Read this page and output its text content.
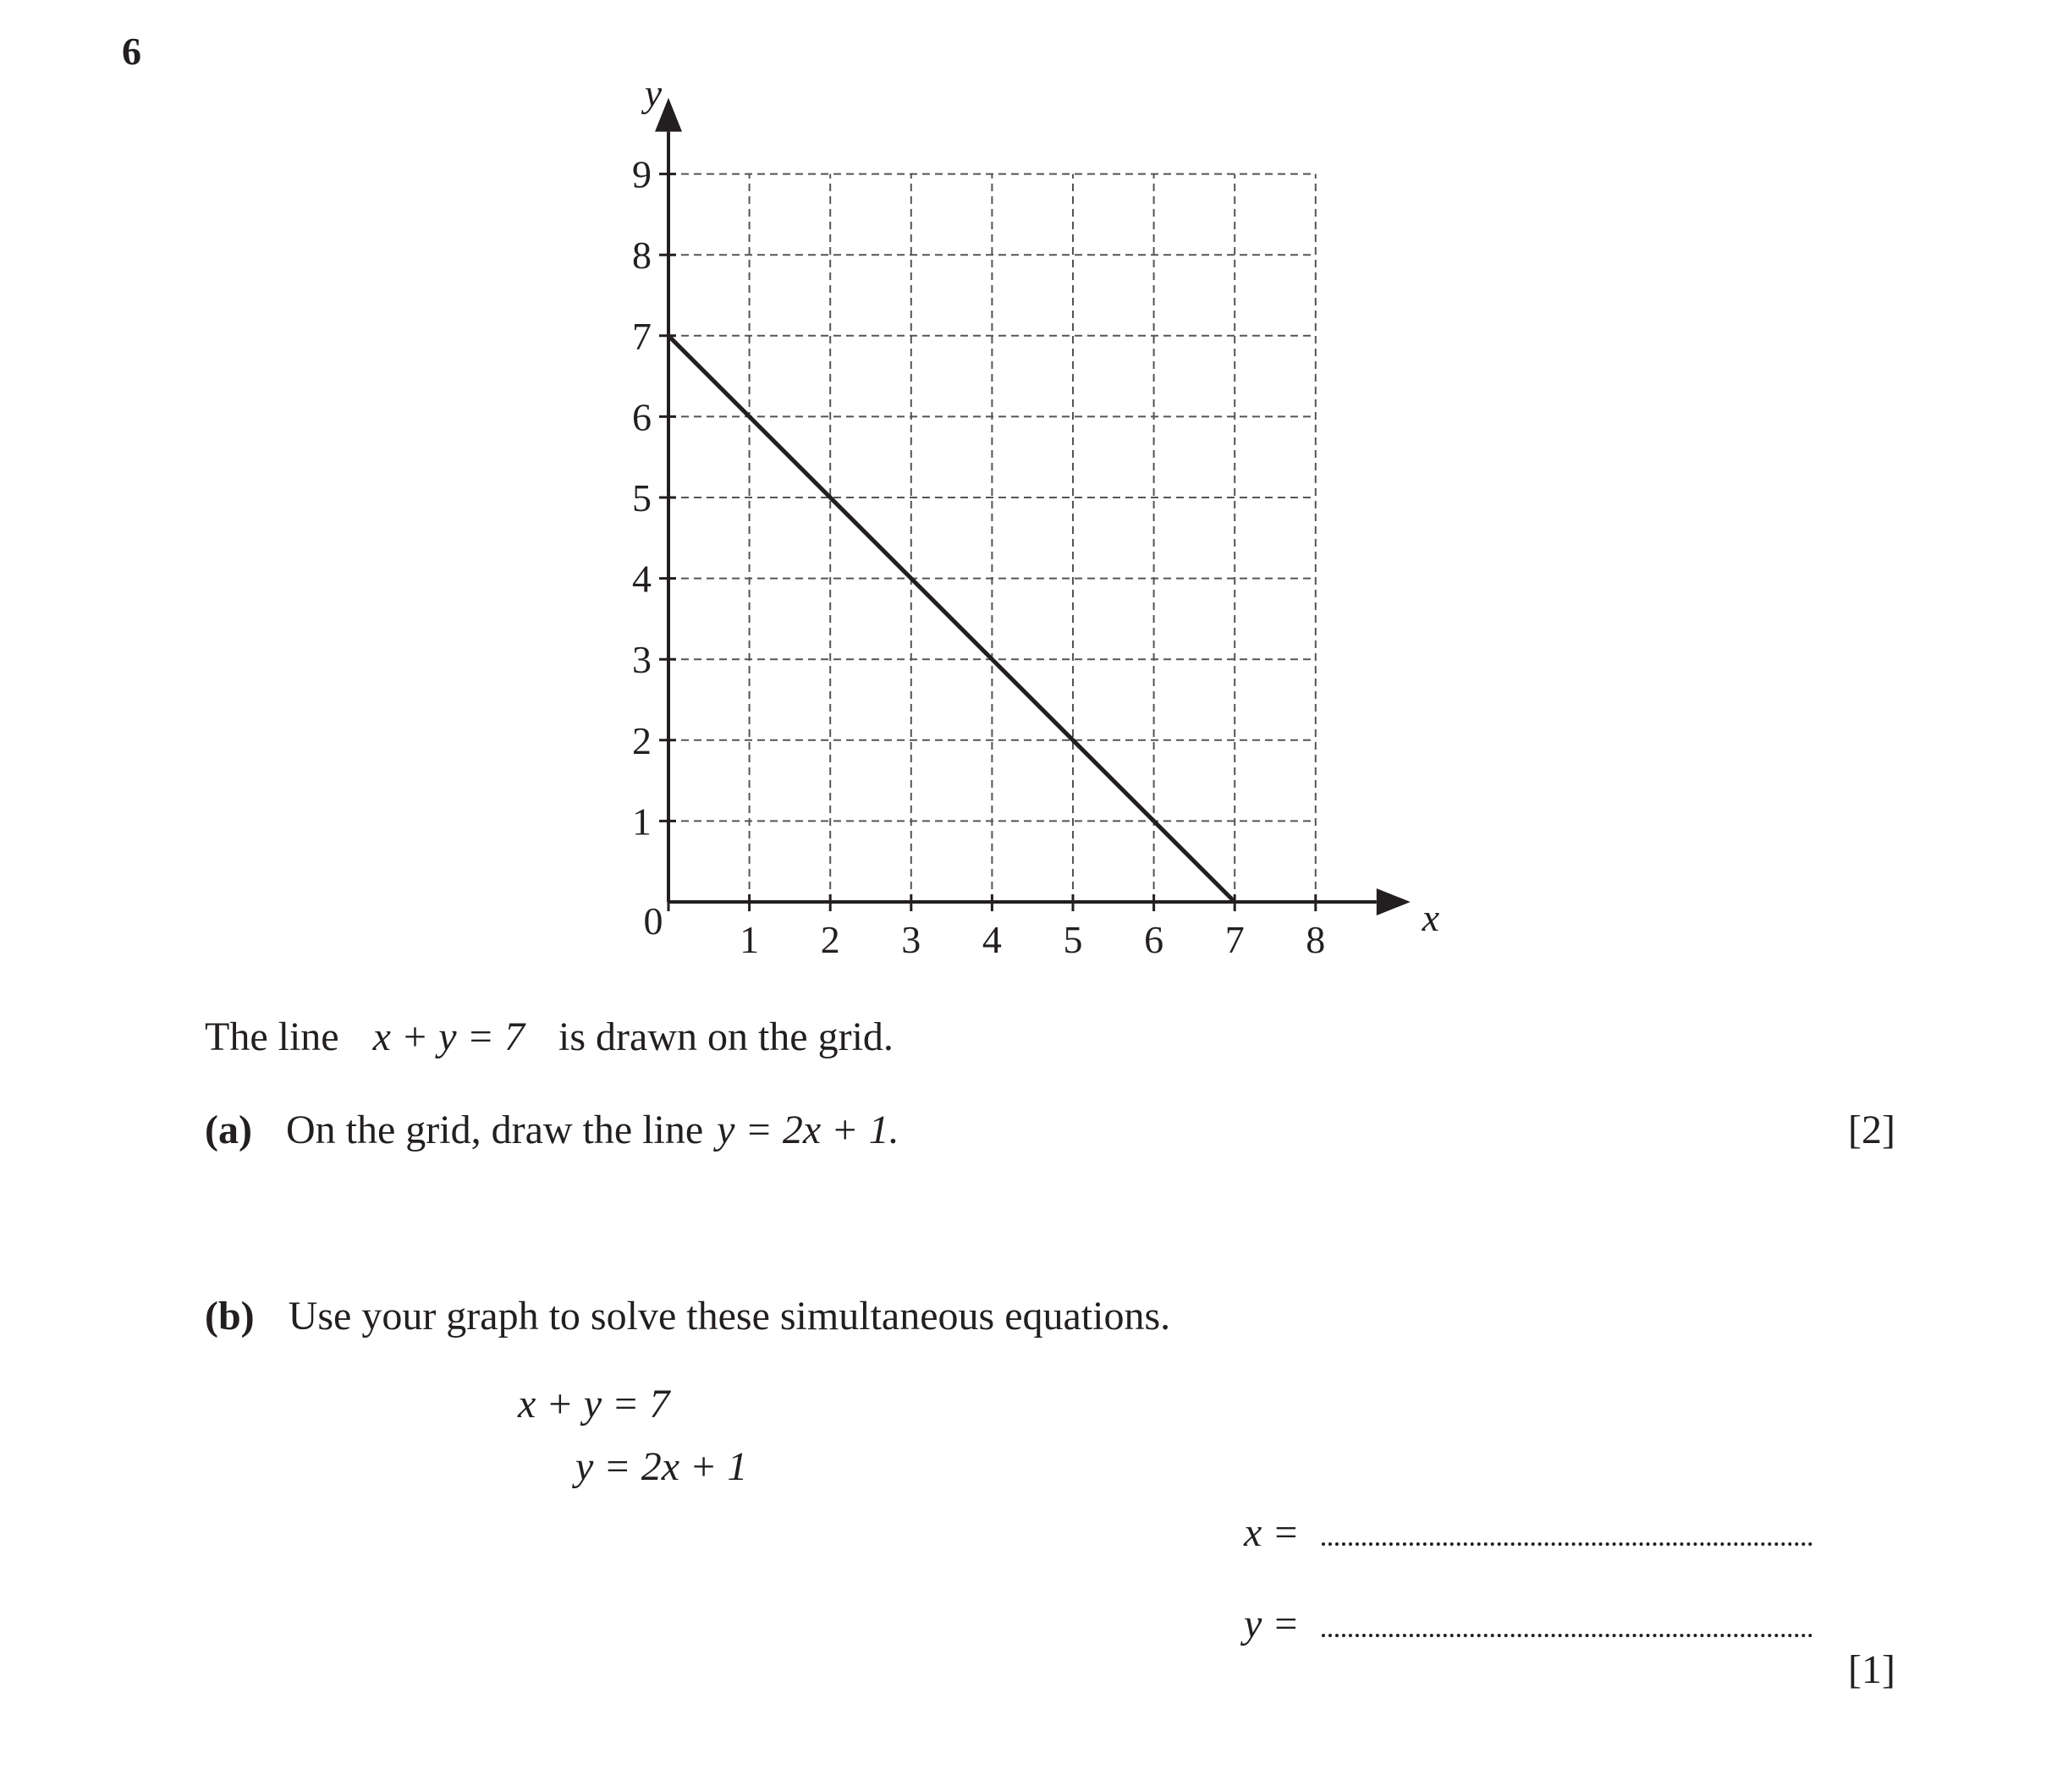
6
1 2 3 4 5 6 7 8
1
2
3
4
5
6
7
8
9
0	x
y
The line x + y = 7 is drawn on the grid.
(a) On the grid, draw the line y = 2x + 1.	[2]
(b) Use your graph to solve these simultaneous equations.
x + y = 7
y = 2x + 1
x =
y =
[1]
